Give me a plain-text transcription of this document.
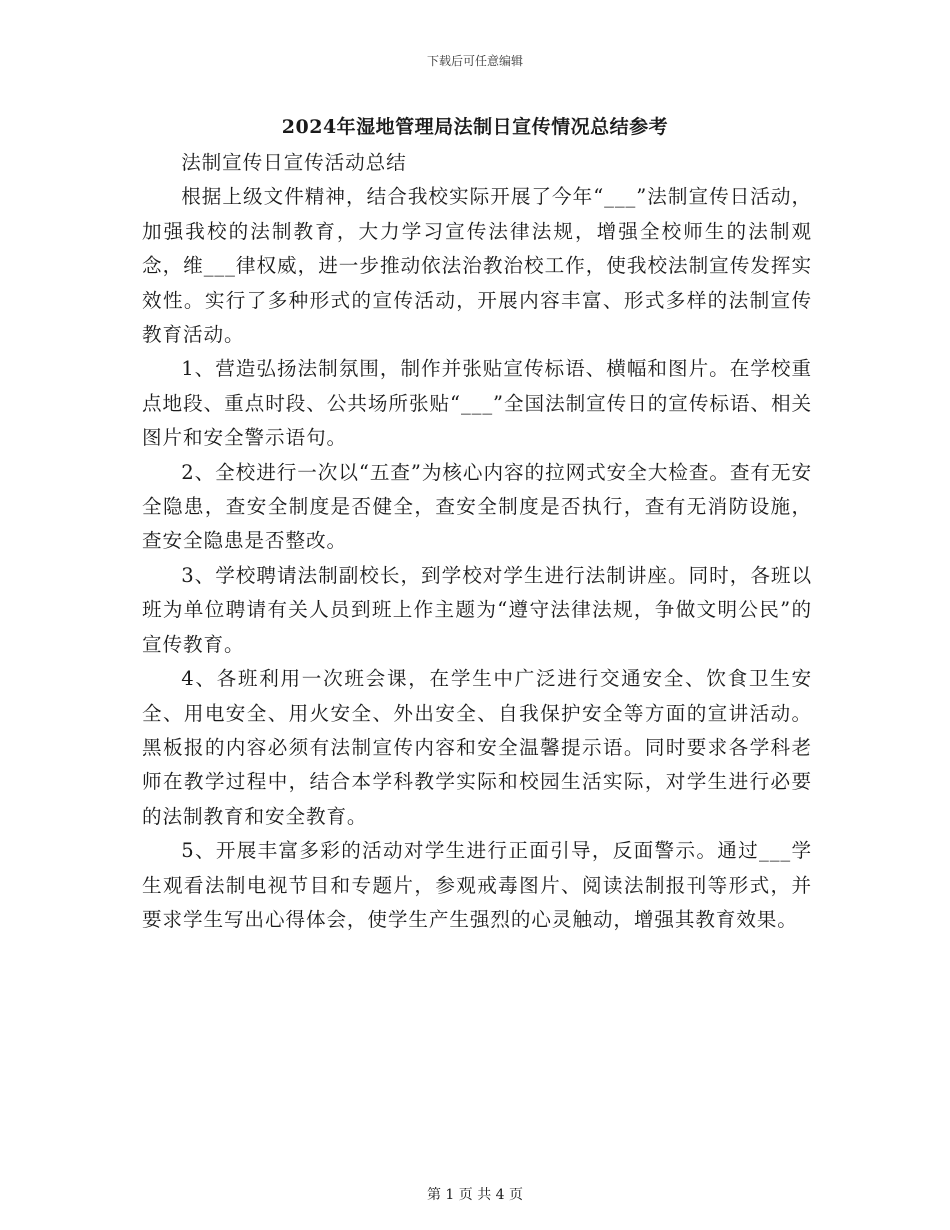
下载后可任意编辑
2024年湿地管理局法制日宣传情况总结参考

法制宣传日宣传活动总结

根据上级文件精神，结合我校实际开展了今年“___”法制宣传日活动，加强我校的法制教育，大力学习宣传法律法规，增强全校师生的法制观念，维___律权威，进一步推动依法治教治校工作，使我校法制宣传发挥实效性。实行了多种形式的宣传活动，开展内容丰富、形式多样的法制宣传教育活动。

1、营造弘扬法制氛围，制作并张贴宣传标语、横幅和图片。在学校重点地段、重点时段、公共场所张贴“___”全国法制宣传日的宣传标语、相关图片和安全警示语句。

2、全校进行一次以“五查”为核心内容的拉网式安全大检查。查有无安全隐患，查安全制度是否健全，查安全制度是否执行，查有无消防设施，查安全隐患是否整改。

3、学校聘请法制副校长，到学校对学生进行法制讲座。同时，各班以班为单位聘请有关人员到班上作主题为“遵守法律法规，争做文明公民”的宣传教育。

4、各班利用一次班会课，在学生中广泛进行交通安全、饮食卫生安全、用电安全、用火安全、外出安全、自我保护安全等方面的宣讲活动。黑板报的内容必须有法制宣传内容和安全温馨提示语。同时要求各学科老师在教学过程中，结合本学科教学实际和校园生活实际，对学生进行必要的法制教育和安全教育。

5、开展丰富多彩的活动对学生进行正面引导，反面警示。通过___学生观看法制电视节目和专题片，参观戒毒图片、阅读法制报刊等形式，并要求学生写出心得体会，使学生产生强烈的心灵触动，增强其教育效果。

第 1 页 共 4 页
